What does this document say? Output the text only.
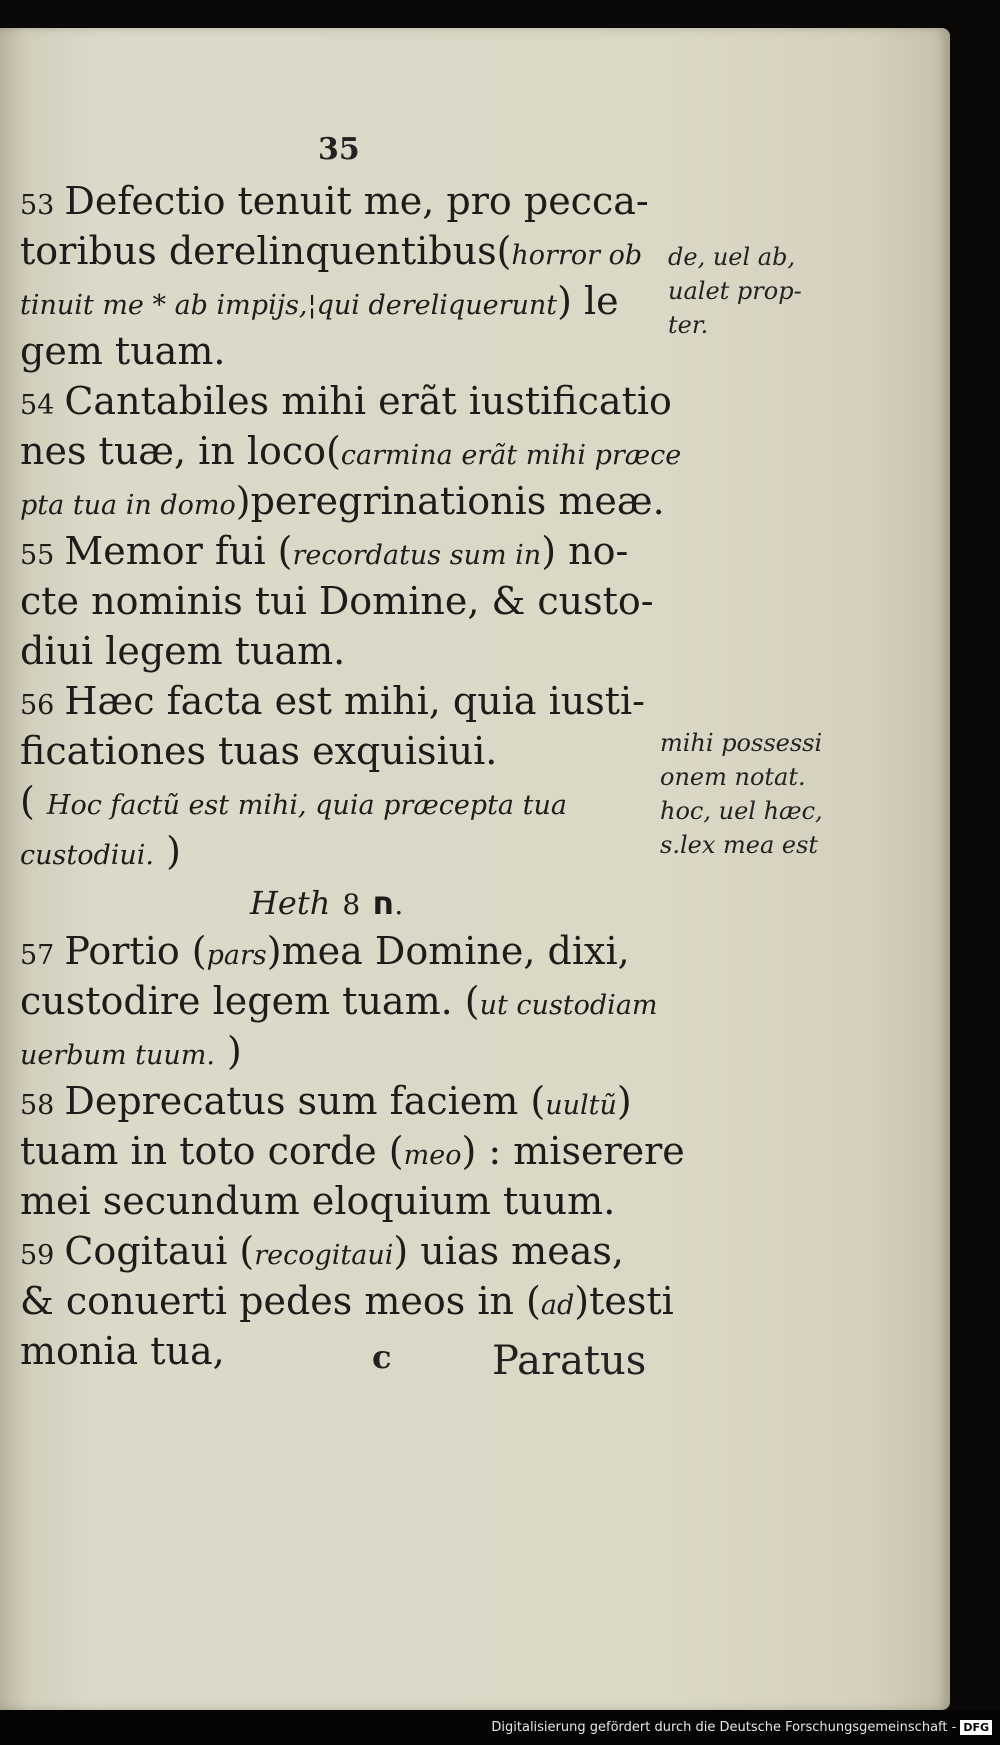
35
53 Defectio tenuit me, pro pecca-
toribus derelinquentibus(horror ob
tinuit me * ab impijs,¦qui dereliquerunt) le
gem tuam.
54 Cantabiles mihi erãt iustificatio
nes tuæ, in loco(carmina erãt mihi præce
pta tua in domo)peregrinationis meæ.
55 Memor fui (recordatus sum in) no-
cte nominis tui Domine, & custo-
diui legem tuam.
56 Hæc facta est mihi, quia iusti-
ficationes tuas exquisiui.
( Hoc factũ est mihi, quia præcepta tua
custodiui. )
Heth ח 8.
57 Portio (pars)mea Domine, dixi,
custodire legem tuam. (ut custodiam
uerbum tuum. )
58 Deprecatus sum faciem (uultũ)
tuam in toto corde (meo) : miserere
mei secundum eloquium tuum.
59 Cogitaui (recogitaui) uias meas,
& conuerti pedes meos in (ad)testi
monia tua,
de, uel ab,
ualet prop-
ter.
mihi possessi
onem notat.
hoc, uel hæc,
s.lex mea est
c	Paratus
Digitalisierung gefördert durch die Deutsche Forschungsgemeinschaft - DFG
